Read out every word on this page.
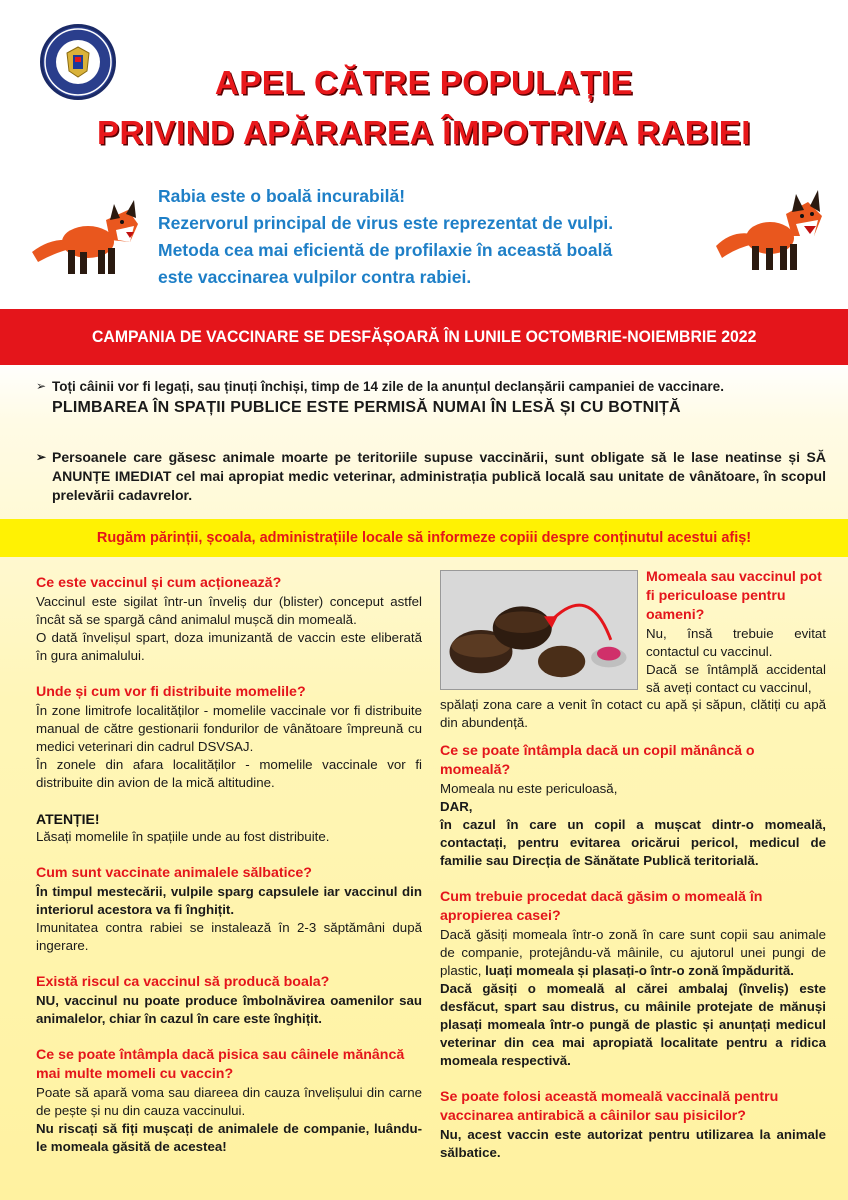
APEL CĂTRE POPULAȚIE
PRIVIND APĂRAREA ÎMPOTRIVA RABIEI
Rabia este o boală incurabilă!
Rezervorul principal de virus este reprezentat de vulpi.
Metoda cea mai eficientă de profilaxie în această boală
este vaccinarea vulpilor contra rabiei.
CAMPANIA DE VACCINARE SE DESFĂȘOARĂ ÎN LUNILE OCTOMBRIE-NOIEMBRIE 2022
➢ Toți câinii vor fi legați, sau ținuți închiși, timp de 14 zile de la anunțul declanșării campaniei de vaccinare.
PLIMBAREA ÎN SPAȚII PUBLICE ESTE PERMISĂ NUMAI ÎN LESĂ ȘI CU BOTNIȚĂ
➢ Persoanele care găsesc animale moarte pe teritoriile supuse vaccinării, sunt obligate să le lase neatinse și SĂ ANUNȚE IMEDIAT cel mai apropiat medic veterinar, administrația publică locală sau unitate de vânătoare, în scopul prelevării cadavrelor.
Rugăm părinții, școala, administrațiile locale să informeze copiii despre conținutul acestui afiș!
Ce este vaccinul și cum acționează?

Vaccinul este sigilat într-un înveliș dur (blister) conceput astfel încât să se spargă când animalul mușcă din momeală.

O dată învelișul spart, doza imunizantă de vaccin este eliberată în gura animalului.

Unde și cum vor fi distribuite momelile?

În zone limitrofe localităților - momelile vaccinale vor fi distribuite manual de către gestionarii fondurilor de vânătoare împreună cu medici veterinari din cadrul DSVSAJ.

În zonele din afara localităților - momelile vaccinale vor fi distribuite din avion de la mică altitudine.

ATENȚIE!

Lăsați momelile în spațiile unde au fost distribuite.

Cum sunt vaccinate animalele sălbatice?

În timpul mestecării, vulpile sparg capsulele iar vaccinul din interiorul acestora va fi înghițit.

Imunitatea contra rabiei se instalează în 2-3 săptămâni după ingerare.

Există riscul ca vaccinul să producă boala?

NU, vaccinul nu poate produce îmbolnăvirea oamenilor sau animalelor, chiar în cazul în care este înghițit.

Ce se poate întâmpla dacă pisica sau câinele mănâncă mai multe momeli cu vaccin?

Poate să apară voma sau diareea din cauza învelișului din carne de pește și nu din cauza vaccinului.

Nu riscați să fiți mușcați de animalele de companie, luându-le momeala găsită de acestea!

Momeala sau vaccinul pot fi periculoase pentru oameni?

Nu, însă trebuie evitat contactul cu vaccinul.

Dacă se întâmplă accidental să aveți contact cu vaccinul,

spălați zona care a venit în cotact cu apă și săpun, clătiți cu apă din abundență.

Ce se poate întâmpla dacă un copil mănâncă o momeală?

Momeala nu este periculoasă,

DAR,

în cazul în care un copil a mușcat dintr-o momeală, contactați, pentru evitarea oricărui pericol, medicul de familie sau Direcția de Sănătate Publică teritorială.

Cum trebuie procedat dacă găsim o momeală în apropierea casei?

Dacă găsiți momeala într-o zonă în care sunt copii sau animale de companie, protejându-vă mâinile, cu ajutorul unei pungi de plastic, luați momeala și plasați-o într-o zonă împădurită.

Dacă găsiți o momeală al cărei ambalaj (înveliș) este desfăcut, spart sau distrus, cu mâinile protejate de mănuși plasați momeala într-o pungă de plastic și anunțați medicul veterinar din cea mai apropiată localitate pentru a ridica momeala respectivă.

Se poate folosi această momeală vaccinală pentru vaccinarea antirabică a câinilor sau pisicilor?

Nu, acest vaccin este autorizat pentru utilizarea la animale sălbatice.
